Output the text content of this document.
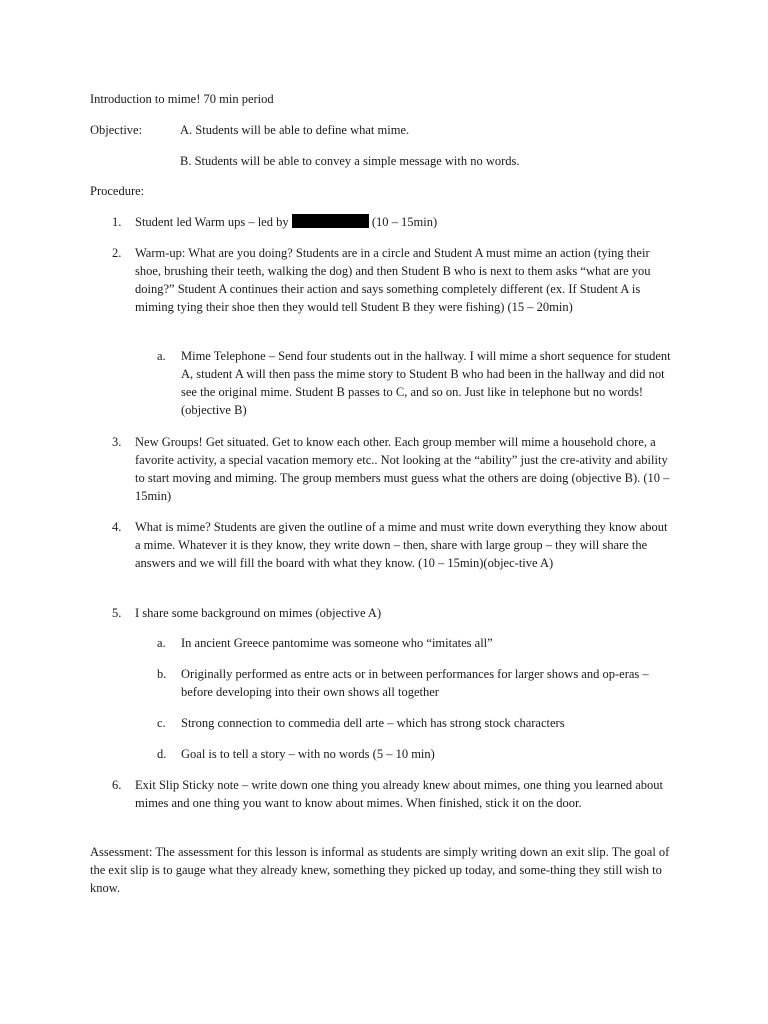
Introduction to mime! 70 min period
Objective:	A. Students will be able to define what mime.
B. Students will be able to convey a simple message with no words.
Procedure:
1. Student led Warm ups – led by	(10 – 15min)
2. Warm-up: What are you doing? Students are in a circle and Student A must mime an action (tying their shoe, brushing their teeth, walking the dog) and then Student B who is next to them asks “what are you doing?” Student A continues their action and says something completely different (ex. If Student A is miming tying their shoe then they would tell Student B they were fishing) (15 – 20min)
a. Mime Telephone – Send four students out in the hallway. I will mime a short sequence for student A, student A will then pass the mime story to Student B who had been in the hallway and did not see the original mime. Student B passes to C, and so on. Just like in telephone but no words! (objective B)
3. New Groups! Get situated. Get to know each other. Each group member will mime a household chore, a favorite activity, a special vacation memory etc.. Not looking at the “ability” just the cre-ativity and ability to start moving and miming. The group members must guess what the others are doing (objective B). (10 – 15min)
4. What is mime? Students are given the outline of a mime and must write down everything they know about a mime. Whatever it is they know, they write down – then, share with large group – they will share the answers and we will fill the board with what they know. (10 – 15min)(objec-tive A)
5. I share some background on mimes (objective A)
a. In ancient Greece pantomime was someone who “imitates all”
b. Originally performed as entre acts or in between performances for larger shows and op-eras – before developing into their own shows all together
c. Strong connection to commedia dell arte – which has strong stock characters
d. Goal is to tell a story – with no words (5 – 10 min)
6. Exit Slip Sticky note – write down one thing you already knew about mimes, one thing you learned about mimes and one thing you want to know about mimes. When finished, stick it on the door.
Assessment: The assessment for this lesson is informal as students are simply writing down an exit slip. The goal of the exit slip is to gauge what they already knew, something they picked up today, and some-thing they still wish to know.
